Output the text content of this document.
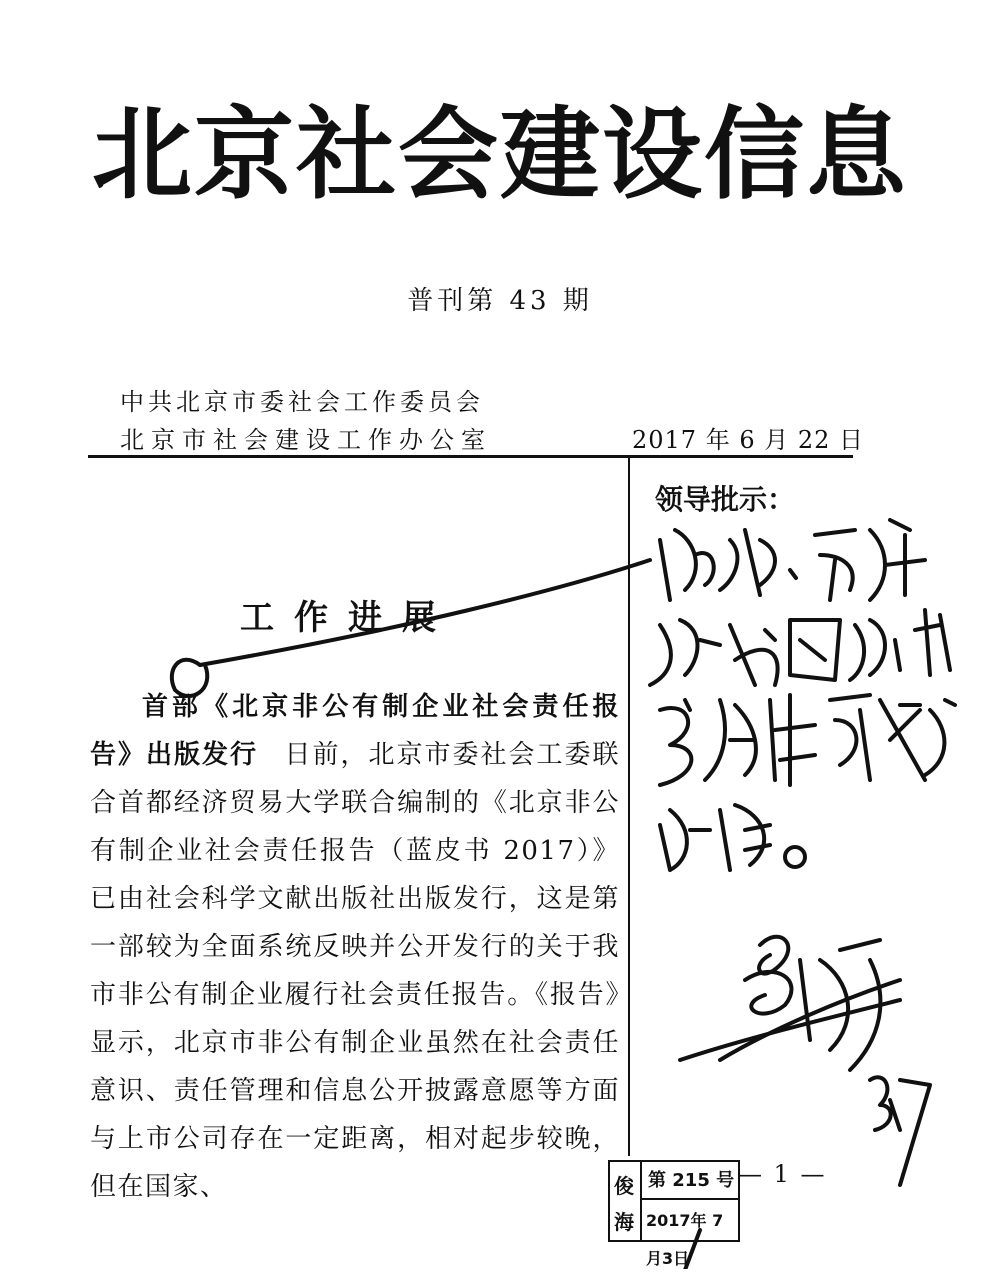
北京社会建设信息
普刊第 43 期
中共北京市委社会工作委员会
北京市社会建设工作办公室	2017 年 6 月 22 日
工作进展
首部《北京非公有制企业社会责任报告》出版发行 日前，北京市委社会工委联合首都经济贸易大学联合编制的《北京非公有制企业社会责任报告（蓝皮书 2017）》已由社会科学文献出版社出版发行，这是第一部较为全面系统反映并公开发行的关于我市非公有制企业履行社会责任报告。《报告》显示，北京市非公有制企业虽然在社会责任意识、责任管理和信息公开披露意愿等方面与上市公司存在一定距离，相对起步较晚，但在国家、
领导批示：
— 1 —
俊
海
第 215 号
2017年 7月3日
